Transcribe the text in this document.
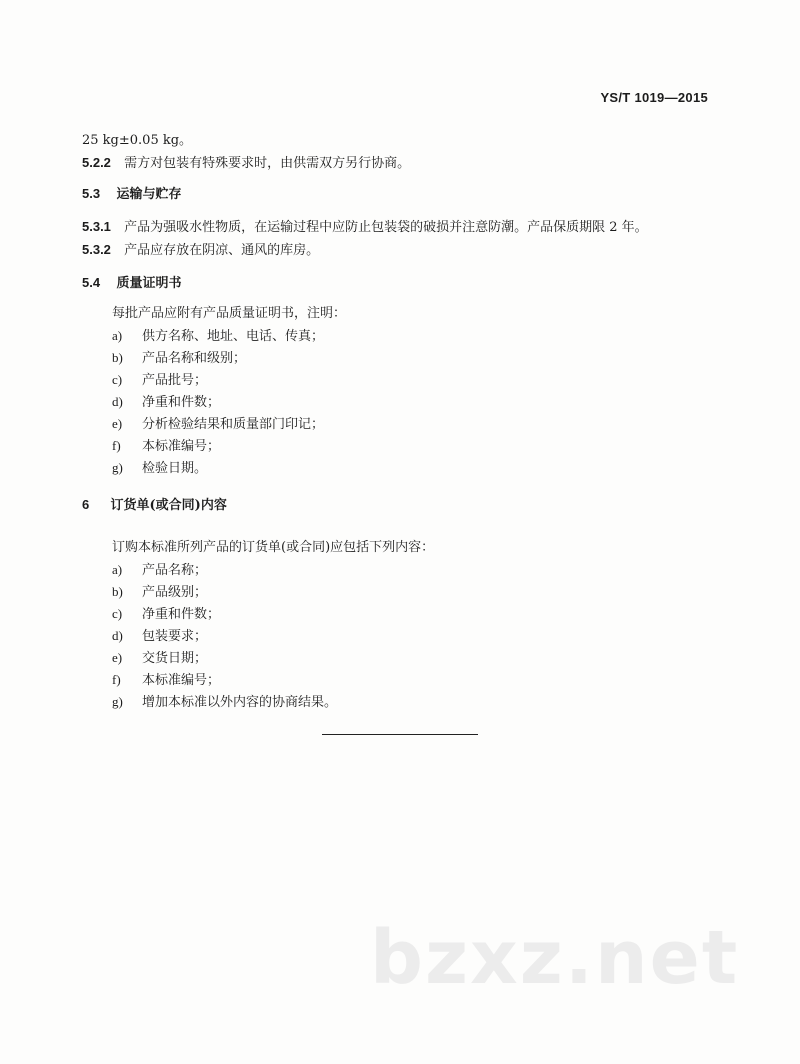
YS/T 1019—2015
25 kg±0.05 kg。
5.2.2 需方对包装有特殊要求时，由供需双方另行协商。
5.3 运输与贮存
5.3.1 产品为强吸水性物质，在运输过程中应防止包装袋的破损并注意防潮。产品保质期限 2 年。
5.3.2 产品应存放在阴凉、通风的库房。
5.4 质量证明书
每批产品应附有产品质量证明书，注明：
a) 供方名称、地址、电话、传真；
b) 产品名称和级别；
c) 产品批号；
d) 净重和件数；
e) 分析检验结果和质量部门印记；
f) 本标准编号；
g) 检验日期。
6 订货单(或合同)内容
订购本标准所列产品的订货单(或合同)应包括下列内容：
a) 产品名称；
b) 产品级别；
c) 净重和件数；
d) 包装要求；
e) 交货日期；
f) 本标准编号；
g) 增加本标准以外内容的协商结果。
bzxz.net
